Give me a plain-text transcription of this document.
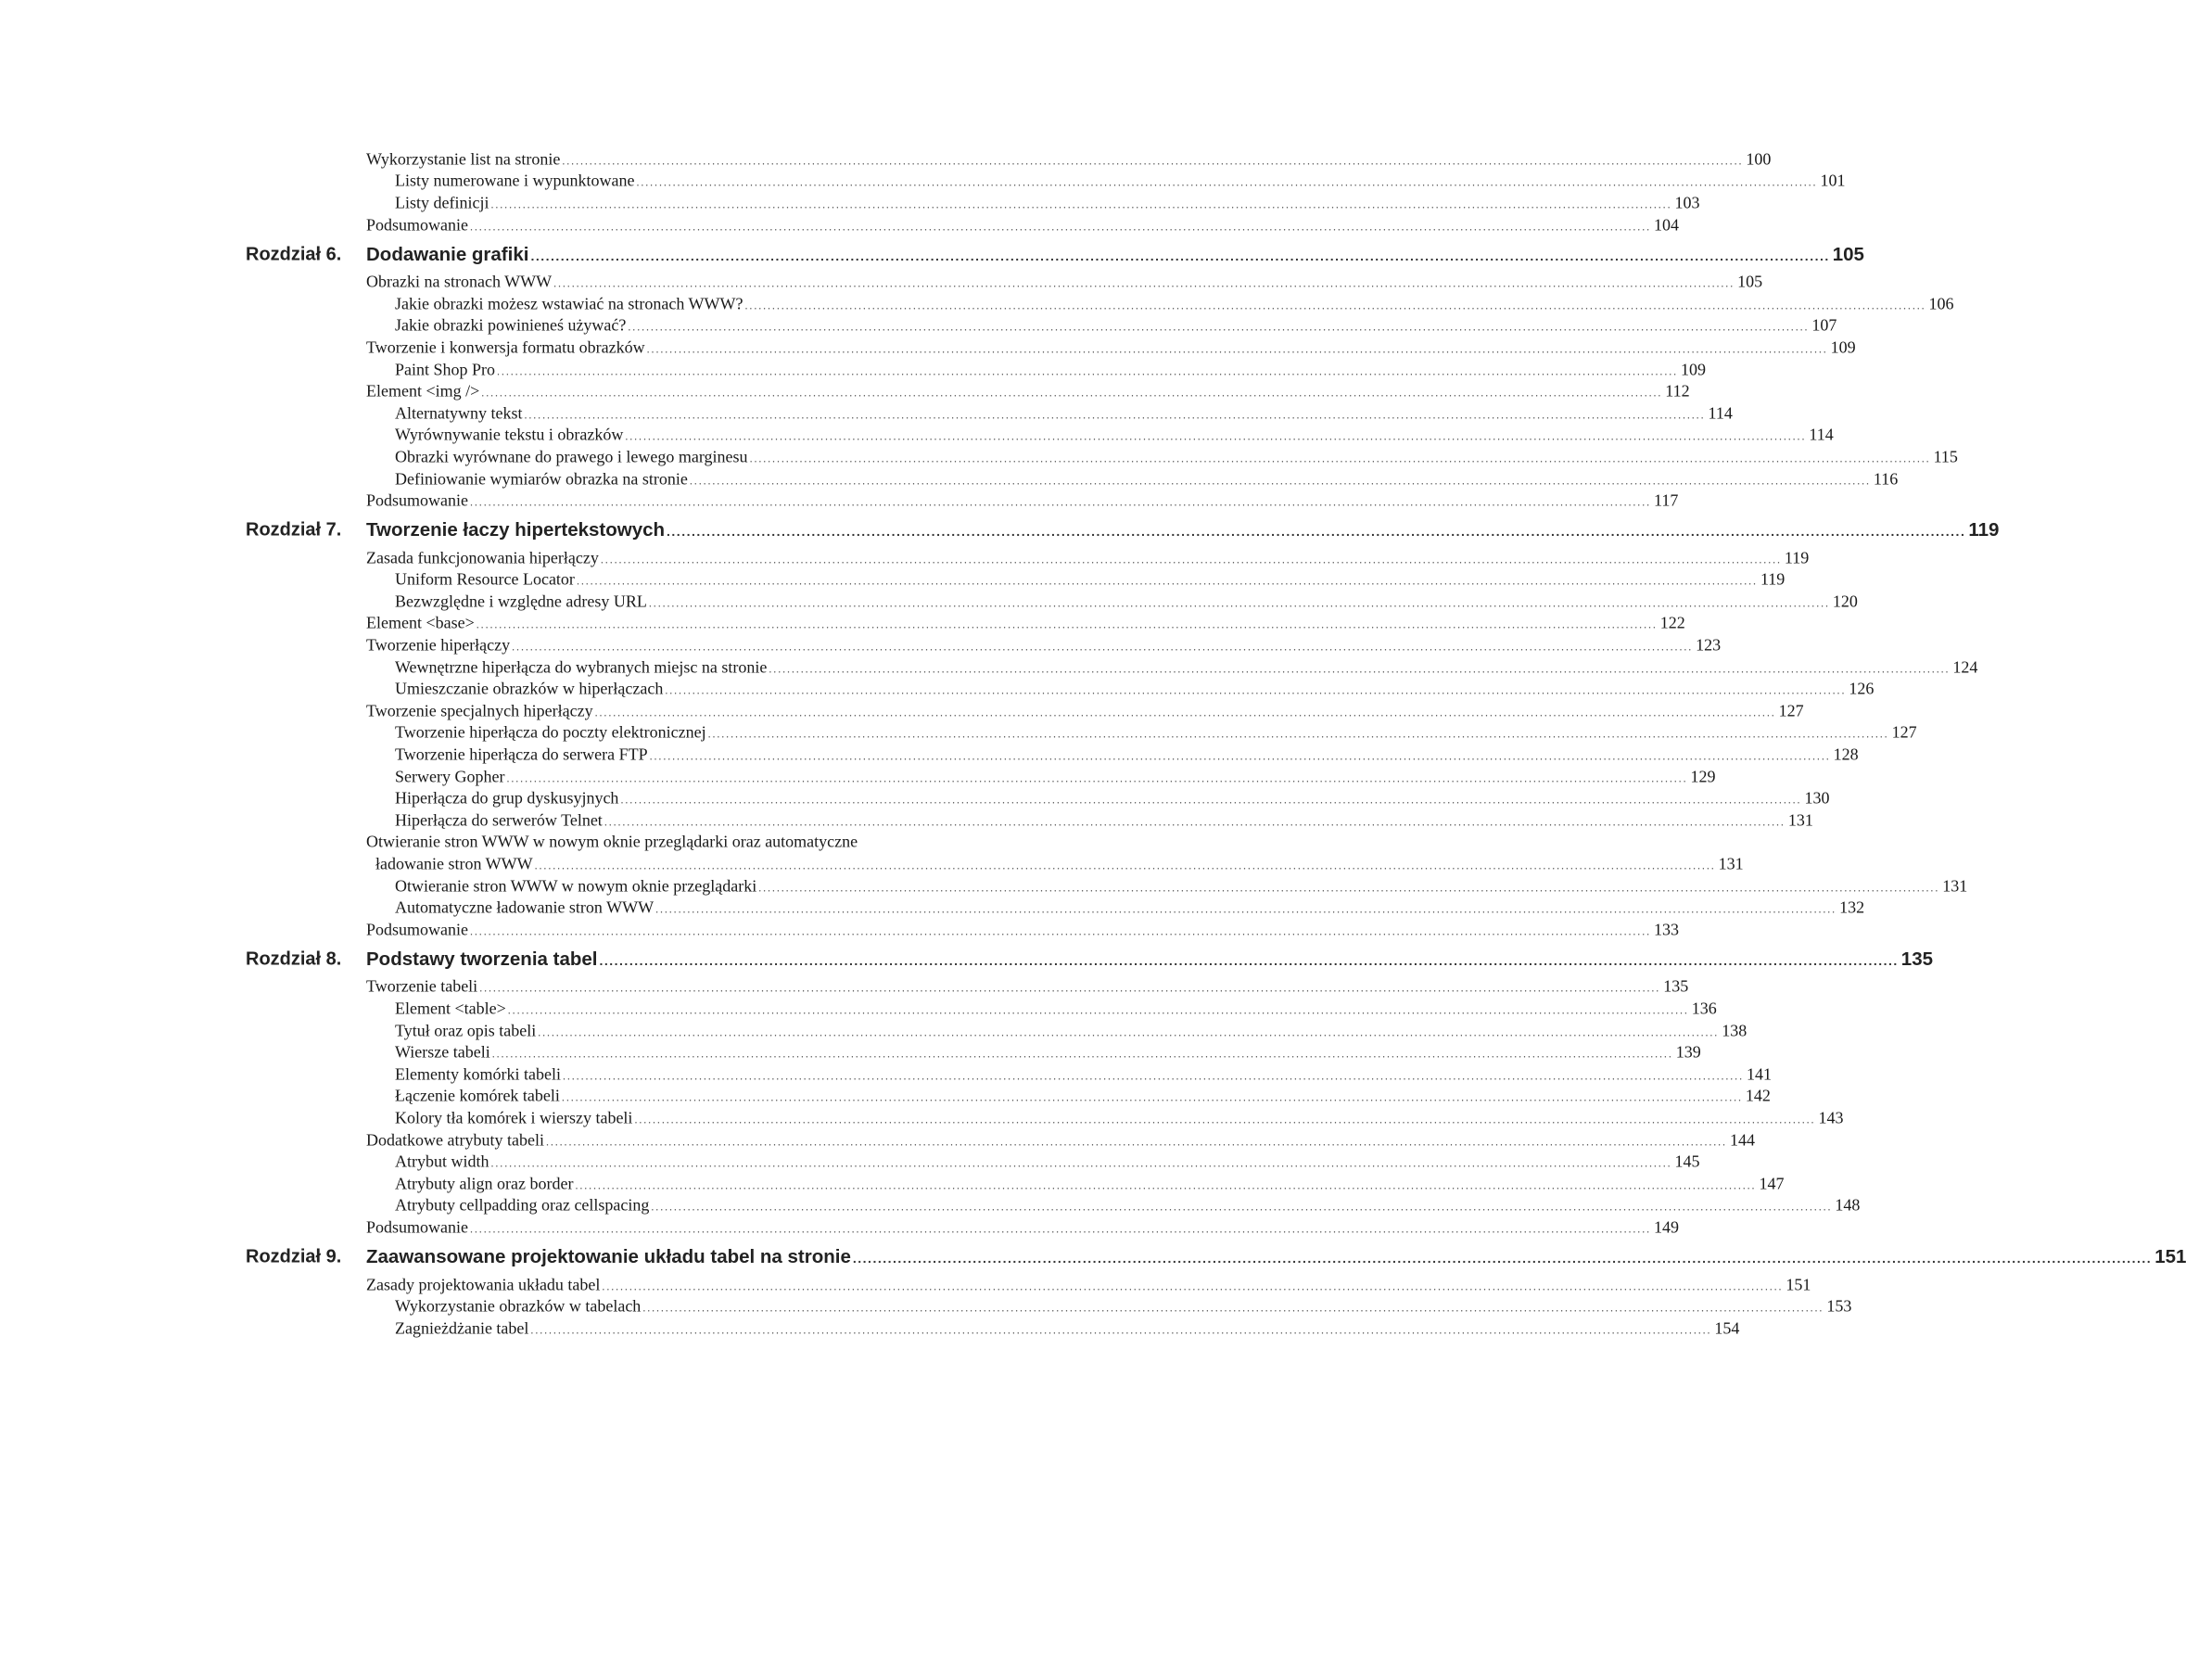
Wykorzystanie list na stronie .................................................................................................................................................................................................................................................................... 100
Listy numerowane i wypunktowane .................................................................................................................................................................................................................................................................... 101
Listy definicji .................................................................................................................................................................................................................................................................... 103
Podsumowanie .................................................................................................................................................................................................................................................................... 104
Rozdział 6.	Dodawanie grafiki .................................................................................................................................................................................................................................................................... 105
Obrazki na stronach WWW .................................................................................................................................................................................................................................................................... 105
Jakie obrazki możesz wstawiać na stronach WWW? .................................................................................................................................................................................................................................................................... 106
Jakie obrazki powinieneś używać? .................................................................................................................................................................................................................................................................... 107
Tworzenie i konwersja formatu obrazków .................................................................................................................................................................................................................................................................... 109
Paint Shop Pro .................................................................................................................................................................................................................................................................... 109
Element <img /> .................................................................................................................................................................................................................................................................... 112
Alternatywny tekst .................................................................................................................................................................................................................................................................... 114
Wyrównywanie tekstu i obrazków .................................................................................................................................................................................................................................................................... 114
Obrazki wyrównane do prawego i lewego marginesu .................................................................................................................................................................................................................................................................... 115
Definiowanie wymiarów obrazka na stronie .................................................................................................................................................................................................................................................................... 116
Podsumowanie .................................................................................................................................................................................................................................................................... 117
Rozdział 7.	Tworzenie łaczy hipertekstowych .................................................................................................................................................................................................................................................................... 119
Zasada funkcjonowania hiperłączy .................................................................................................................................................................................................................................................................... 119
Uniform Resource Locator .................................................................................................................................................................................................................................................................... 119
Bezwzględne i względne adresy URL .................................................................................................................................................................................................................................................................... 120
Element <base> .................................................................................................................................................................................................................................................................... 122
Tworzenie hiperłączy .................................................................................................................................................................................................................................................................... 123
Wewnętrzne hiperłącza do wybranych miejsc na stronie .................................................................................................................................................................................................................................................................... 124
Umieszczanie obrazków w hiperłączach .................................................................................................................................................................................................................................................................... 126
Tworzenie specjalnych hiperłączy .................................................................................................................................................................................................................................................................... 127
Tworzenie hiperłącza do poczty elektronicznej .................................................................................................................................................................................................................................................................... 127
Tworzenie hiperłącza do serwera FTP .................................................................................................................................................................................................................................................................... 128
Serwery Gopher .................................................................................................................................................................................................................................................................... 129
Hiperłącza do grup dyskusyjnych .................................................................................................................................................................................................................................................................... 130
Hiperłącza do serwerów Telnet .................................................................................................................................................................................................................................................................... 131
Otwieranie stron WWW w nowym oknie przeglądarki oraz automatyczne
ładowanie stron WWW .................................................................................................................................................................................................................................................................... 131
Otwieranie stron WWW w nowym oknie przeglądarki .................................................................................................................................................................................................................................................................... 131
Automatyczne ładowanie stron WWW .................................................................................................................................................................................................................................................................... 132
Podsumowanie .................................................................................................................................................................................................................................................................... 133
Rozdział 8.	Podstawy tworzenia tabel .................................................................................................................................................................................................................................................................... 135
Tworzenie tabeli .................................................................................................................................................................................................................................................................... 135
Element <table> .................................................................................................................................................................................................................................................................... 136
Tytuł oraz opis tabeli .................................................................................................................................................................................................................................................................... 138
Wiersze tabeli .................................................................................................................................................................................................................................................................... 139
Elementy komórki tabeli .................................................................................................................................................................................................................................................................... 141
Łączenie komórek tabeli .................................................................................................................................................................................................................................................................... 142
Kolory tła komórek i wierszy tabeli .................................................................................................................................................................................................................................................................... 143
Dodatkowe atrybuty tabeli .................................................................................................................................................................................................................................................................... 144
Atrybut width .................................................................................................................................................................................................................................................................... 145
Atrybuty align oraz border .................................................................................................................................................................................................................................................................... 147
Atrybuty cellpadding oraz cellspacing .................................................................................................................................................................................................................................................................... 148
Podsumowanie .................................................................................................................................................................................................................................................................... 149
Rozdział 9.	Zaawansowane projektowanie układu tabel na stronie .................................................................................................................................................................................................................................................................... 151
Zasady projektowania układu tabel .................................................................................................................................................................................................................................................................... 151
Wykorzystanie obrazków w tabelach .................................................................................................................................................................................................................................................................... 153
Zagnieżdżanie tabel .................................................................................................................................................................................................................................................................... 154
